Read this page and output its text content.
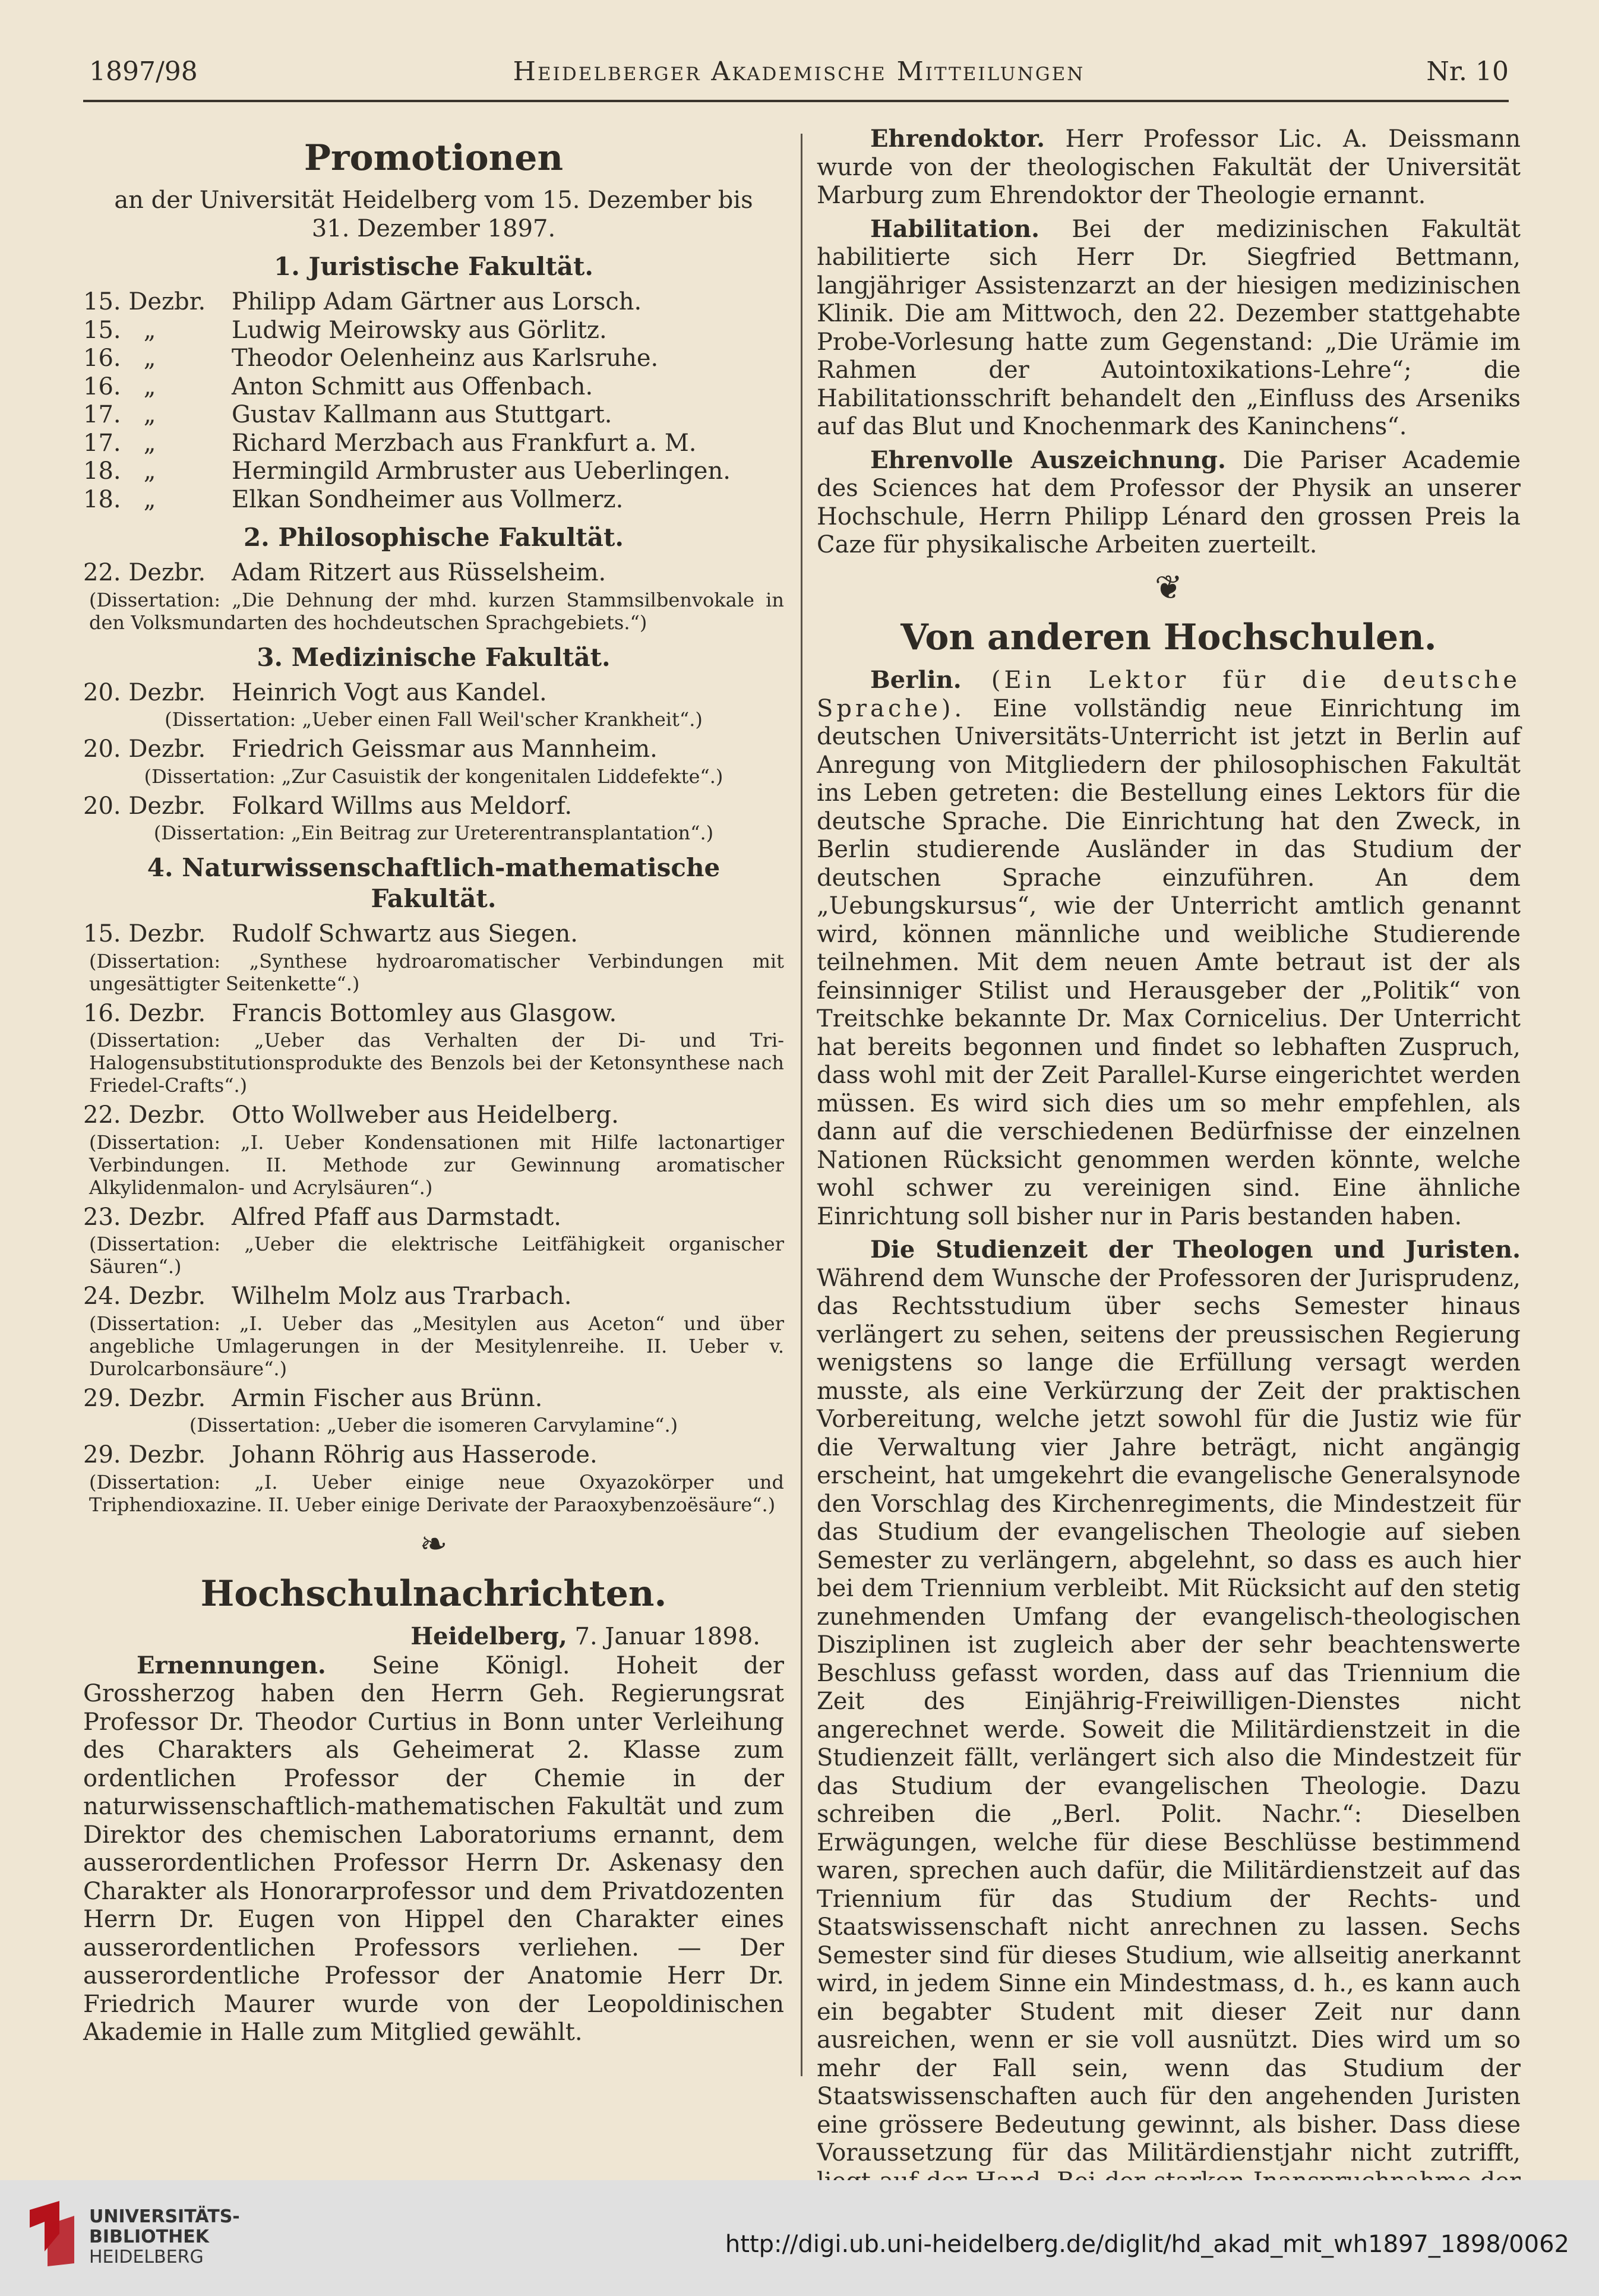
1897/98	Heidelberger Akademische Mitteilungen	Nr. 10
Promotionen
an der Universität Heidelberg vom 15. Dezember bis 31. Dezember 1897.
1. Juristische Fakultät.
15. Dezbr.	Philipp Adam Gärtner aus Lorsch.
15.   „	Ludwig Meirowsky aus Görlitz.
16.   „	Theodor Oelenheinz aus Karlsruhe.
16.   „	Anton Schmitt aus Offenbach.
17.   „	Gustav Kallmann aus Stuttgart.
17.   „	Richard Merzbach aus Frankfurt a. M.
18.   „	Hermingild Armbruster aus Ueberlingen.
18.   „	Elkan Sondheimer aus Vollmerz.
2. Philosophische Fakultät.
22. Dezbr.	Adam Ritzert aus Rüsselsheim.
(Dissertation: „Die Dehnung der mhd. kurzen Stammsilbenvokale in den Volksmundarten des hochdeutschen Sprachgebiets.“)
3. Medizinische Fakultät.
20. Dezbr.	Heinrich Vogt aus Kandel.
(Dissertation: „Ueber einen Fall Weil'scher Krankheit“.)
20. Dezbr.	Friedrich Geissmar aus Mannheim.
(Dissertation: „Zur Casuistik der kongenitalen Liddefekte“.)
20. Dezbr.	Folkard Willms aus Meldorf.
(Dissertation: „Ein Beitrag zur Ureterentransplantation“.)
4. Naturwissenschaftlich-mathematische Fakultät.
15. Dezbr.	Rudolf Schwartz aus Siegen.
(Dissertation: „Synthese hydroaromatischer Verbindungen mit ungesättigter Seitenkette“.)
16. Dezbr.	Francis Bottomley aus Glasgow.
(Dissertation: „Ueber das Verhalten der Di- und Tri-Halogensubstitutionsprodukte des Benzols bei der Ketonsynthese nach Friedel-Crafts“.)
22. Dezbr.	Otto Wollweber aus Heidelberg.
(Dissertation: „I. Ueber Kondensationen mit Hilfe lactonartiger Verbindungen. II. Methode zur Gewinnung aromatischer Alkylidenmalon- und Acrylsäuren“.)
23. Dezbr.	Alfred Pfaff aus Darmstadt.
(Dissertation: „Ueber die elektrische Leitfähigkeit organischer Säuren“.)
24. Dezbr.	Wilhelm Molz aus Trarbach.
(Dissertation: „I. Ueber das „Mesitylen aus Aceton“ und über angebliche Umlagerungen in der Mesitylenreihe. II. Ueber v. Durolcarbonsäure“.)
29. Dezbr.	Armin Fischer aus Brünn.
(Dissertation: „Ueber die isomeren Carvylamine“.)
29. Dezbr.	Johann Röhrig aus Hasserode.
(Dissertation: „I. Ueber einige neue Oxyazokörper und Triphendioxazine. II. Ueber einige Derivate der Paraoxybenzoësäure“.)
❧
Hochschulnachrichten.
Heidelberg, 7. Januar 1898.

Ernennungen. Seine Königl. Hoheit der Grossherzog haben den Herrn Geh. Regierungsrat Professor Dr. Theodor Curtius in Bonn unter Verleihung des Charakters als Geheimerat 2. Klasse zum ordentlichen Professor der Chemie in der naturwissenschaftlich-mathematischen Fakultät und zum Direktor des chemischen Laboratoriums ernannt, dem ausserordentlichen Professor Herrn Dr. Askenasy den Charakter als Honorarprofessor und dem Privatdozenten Herrn Dr. Eugen von Hippel den Charakter eines ausserordentlichen Professors verliehen. — Der ausserordentliche Professor der Anatomie Herr Dr. Friedrich Maurer wurde von der Leopoldinischen Akademie in Halle zum Mitglied gewählt.

Ehrendoktor. Herr Professor Lic. A. Deissmann wurde von der theologischen Fakultät der Universität Marburg zum Ehrendoktor der Theologie ernannt.

Habilitation. Bei der medizinischen Fakultät habilitierte sich Herr Dr. Siegfried Bettmann, langjähriger Assistenzarzt an der hiesigen medizinischen Klinik. Die am Mittwoch, den 22. Dezember stattgehabte Probe-Vorlesung hatte zum Gegenstand: „Die Urämie im Rahmen der Autointoxikations-Lehre“; die Habilitationsschrift behandelt den „Einfluss des Arseniks auf das Blut und Knochenmark des Kaninchens“.

Ehrenvolle Auszeichnung. Die Pariser Academie des Sciences hat dem Professor der Physik an unserer Hochschule, Herrn Philipp Lénard den grossen Preis la Caze für physikalische Arbeiten zuerteilt.

❦
Von anderen Hochschulen.

Berlin. (Ein Lektor für die deutsche Sprache). Eine vollständig neue Einrichtung im deutschen Universitäts-Unterricht ist jetzt in Berlin auf Anregung von Mitgliedern der philosophischen Fakultät ins Leben getreten: die Bestellung eines Lektors für die deutsche Sprache. Die Einrichtung hat den Zweck, in Berlin studierende Ausländer in das Studium der deutschen Sprache einzuführen. An dem „Uebungskursus“, wie der Unterricht amtlich genannt wird, können männliche und weibliche Studierende teilnehmen. Mit dem neuen Amte betraut ist der als feinsinniger Stilist und Herausgeber der „Politik“ von Treitschke bekannte Dr. Max Cornicelius. Der Unterricht hat bereits begonnen und findet so lebhaften Zuspruch, dass wohl mit der Zeit Parallel-Kurse eingerichtet werden müssen. Es wird sich dies um so mehr empfehlen, als dann auf die verschiedenen Bedürfnisse der einzelnen Nationen Rücksicht genommen werden könnte, welche wohl schwer zu vereinigen sind. Eine ähnliche Einrichtung soll bisher nur in Paris bestanden haben.

Die Studienzeit der Theologen und Juristen. Während dem Wunsche der Professoren der Jurisprudenz, das Rechtsstudium über sechs Semester hinaus verlängert zu sehen, seitens der preussischen Regierung wenigstens so lange die Erfüllung versagt werden musste, als eine Verkürzung der Zeit der praktischen Vorbereitung, welche jetzt sowohl für die Justiz wie für die Verwaltung vier Jahre beträgt, nicht angängig erscheint, hat umgekehrt die evangelische Generalsynode den Vorschlag des Kirchenregiments, die Mindestzeit für das Studium der evangelischen Theologie auf sieben Semester zu verlängern, abgelehnt, so dass es auch hier bei dem Triennium verbleibt. Mit Rücksicht auf den stetig zunehmenden Umfang der evangelisch-theologischen Disziplinen ist zugleich aber der sehr beachtenswerte Beschluss gefasst worden, dass auf das Triennium die Zeit des Einjährig-Freiwilligen-Dienstes nicht angerechnet werde. Soweit die Militärdienstzeit in die Studienzeit fällt, verlängert sich also die Mindestzeit für das Studium der evangelischen Theologie. Dazu schreiben die „Berl. Polit. Nachr.“: Dieselben Erwägungen, welche für diese Beschlüsse bestimmend waren, sprechen auch dafür, die Militärdienstzeit auf das Triennium für das Studium der Rechts- und Staatswissenschaft nicht anrechnen zu lassen. Sechs Semester sind für dieses Studium, wie allseitig anerkannt wird, in jedem Sinne ein Mindestmass, d. h., es kann auch ein begabter Student mit dieser Zeit nur dann ausreichen, wenn er sie voll ausnützt. Dies wird um so mehr der Fall sein, wenn das Studium der Staatswissenschaften auch für den angehenden Juristen eine grössere Bedeutung gewinnt, als bisher. Dass diese Voraussetzung für das Militärdienstjahr nicht zutrifft,

UNIVERSITÄTS-
BIBLIOTHEK
HEIDELBERG	http://digi.ub.uni-heidelberg.de/diglit/hd_akad_mit_wh1897_1898/0062
